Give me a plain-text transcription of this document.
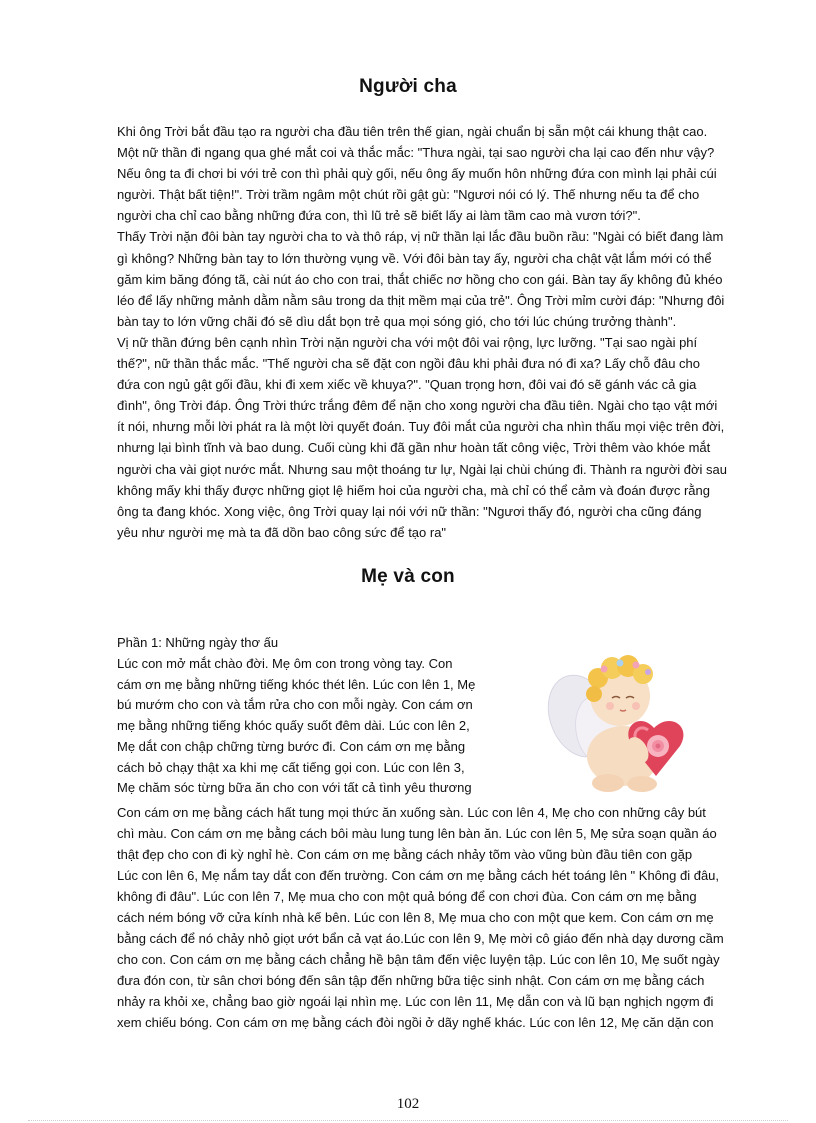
Người cha

Khi ông Trời bắt đầu tạo ra người cha đầu tiên trên thế gian, ngài chuẩn bị sẵn một cái khung thật cao.
Một nữ thần đi ngang qua ghé mắt coi và thắc mắc: "Thưa ngài, tại sao người cha lại cao đến như vậy?
Nếu ông ta đi chơi bi với trẻ con thì phải quỳ gối, nếu ông ấy muốn hôn những đứa con mình lại phải cúi
người. Thật bất tiện!". Trời trầm ngâm một chút rồi gật gù: "Ngươi nói có lý. Thế nhưng nếu ta để cho
người cha chỉ cao bằng những đứa con, thì lũ trẻ sẽ biết lấy ai làm tầm cao mà vươn tới?".
Thấy Trời nặn đôi bàn tay người cha to và thô ráp, vị nữ thần lại lắc đầu buồn rầu: "Ngài có biết đang làm
gì không? Những bàn tay to lớn thường vụng về. Với đôi bàn tay ấy, người cha chật vật lắm mới có thể
găm kim băng đóng tã, cài nút áo cho con trai, thắt chiếc nơ hồng cho con gái. Bàn tay ấy không đủ khéo
léo để lấy những mảnh dằm nằm sâu trong da thịt mềm mại của trẻ". Ông Trời mỉm cười đáp: "Nhưng đôi
bàn tay to lớn vững chãi đó sẽ dìu dắt bọn trẻ qua mọi sóng gió, cho tới lúc chúng trưởng thành".
Vị nữ thần đứng bên cạnh nhìn Trời nặn người cha với một đôi vai rộng, lực lưỡng. "Tại sao ngài phí
thế?", nữ thần thắc mắc. "Thế người cha sẽ đặt con ngồi đâu khi phải đưa nó đi xa? Lấy chỗ đâu cho
đứa con ngủ gật gối đầu, khi đi xem xiếc về khuya?". "Quan trọng hơn, đôi vai đó sẽ gánh vác cả gia
đình", ông Trời đáp. Ông Trời thức trắng đêm để nặn cho xong người cha đầu tiên. Ngài cho tạo vật mới
ít nói, nhưng mỗi lời phát ra là một lời quyết đoán. Tuy đôi mắt của người cha nhìn thấu mọi việc trên đời,
nhưng lại bình tĩnh và bao dung. Cuối cùng khi đã gần như hoàn tất công việc, Trời thêm vào khóe mắt
người cha vài giọt nước mắt. Nhưng sau một thoáng tư lự, Ngài lại chùi chúng đi. Thành ra người đời sau
không mấy khi thấy được những giọt lệ hiếm hoi của người cha, mà chỉ có thể cảm và đoán được rằng
ông ta đang khóc. Xong việc, ông Trời quay lại nói với nữ thần: "Ngươi thấy đó, người cha cũng đáng
yêu như người mẹ mà ta đã dồn bao công sức để tạo ra"

Mẹ và con

Phần 1: Những ngày thơ ấu

Lúc con mở mắt chào đời. Mẹ ôm con trong vòng tay. Con
cám ơn mẹ bằng những tiếng khóc thét lên. Lúc con lên 1, Mẹ
bú mướm cho con và tắm rửa cho con mỗi ngày. Con cám ơn
mẹ bằng những tiếng khóc quấy suốt đêm dài. Lúc con lên 2,
Mẹ dắt con chập chững từng bước đi. Con cám ơn mẹ bằng
cách bỏ chạy thật xa khi mẹ cất tiếng gọi con. Lúc con lên 3,
Mẹ chăm sóc từng bữa ăn cho con với tất cả tình yêu thương

Con cám ơn mẹ bằng cách hất tung mọi thức ăn xuống sàn. Lúc con lên 4, Mẹ cho con những cây bút
chì màu. Con cám ơn mẹ bằng cách bôi màu lung tung lên bàn ăn. Lúc con lên 5, Mẹ sửa soạn quần áo
thật đẹp cho con đi kỳ nghỉ hè. Con cám ơn mẹ bằng cách nhảy tõm vào vũng bùn đầu tiên con gặp
Lúc con lên 6, Mẹ nắm tay dắt con đến trường. Con cám ơn mẹ bằng cách hét toáng lên " Không đi đâu,
không đi đâu". Lúc con lên 7, Mẹ mua cho con một quả bóng để con chơi đùa. Con cám ơn mẹ bằng
cách ném bóng vỡ cửa kính nhà kế bên. Lúc con lên 8, Mẹ mua cho con một que kem. Con cám ơn mẹ
bằng cách để nó chảy nhỏ giọt ướt bẩn cả vạt áo.Lúc con lên 9, Mẹ mời cô giáo đến nhà dạy dương cầm
cho con. Con cám ơn mẹ bằng cách chẳng hề bận tâm đến việc luyện tập. Lúc con lên 10, Mẹ suốt ngày
đưa đón con, từ sân chơi bóng đến sân tập đến những bữa tiệc sinh nhật. Con cám ơn mẹ bằng cách
nhảy ra khỏi xe, chẳng bao giờ ngoái lại nhìn mẹ. Lúc con lên 11, Mẹ dẫn con và lũ bạn nghịch ngợm đi
xem chiếu bóng. Con cám ơn mẹ bằng cách đòi ngồi ở dãy nghế khác. Lúc con lên 12, Mẹ căn dặn con

102
